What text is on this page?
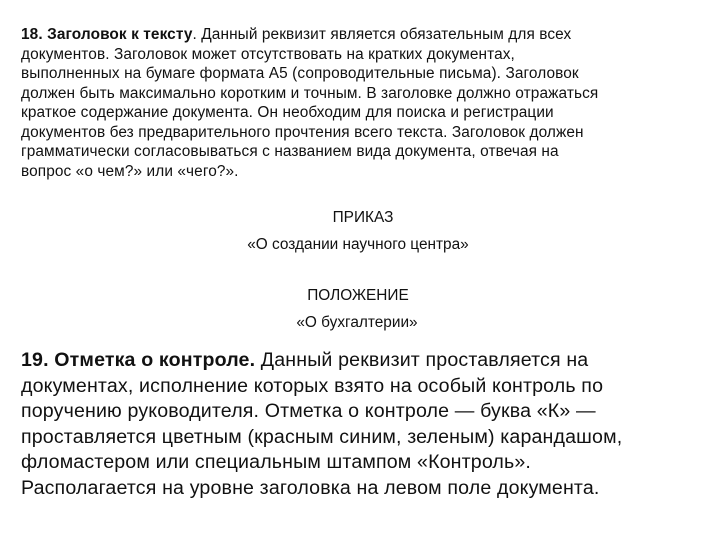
18. Заголовок к тексту. Данный реквизит является обязательным для всех
документов. Заголовок может отсутствовать на кратких документах,
выполненных на бумаге формата А5 (сопроводительные письма). Заголовок
должен быть максимально коротким и точным. В заголовке должно отражаться
краткое содержание документа. Он необходим для поиска и регистрации
документов без предварительного прочтения всего текста. Заголовок должен
грамматически согласовываться с названием вида документа, отвечая на
вопрос «о чем?» или «чего?».
ПРИКАЗ
«О создании научного центра»
ПОЛОЖЕНИЕ
«О бухгалтерии»
19. Отметка о контроле. Данный реквизит проставляется на
документах, исполнение которых взято на особый контроль по
поручению руководителя. Отметка о контроле — буква «К» —
проставляется цветным (красным синим, зеленым) карандашом,
фломастером или специальным штампом «Контроль».
Располагается на уровне заголовка на левом поле документа.
